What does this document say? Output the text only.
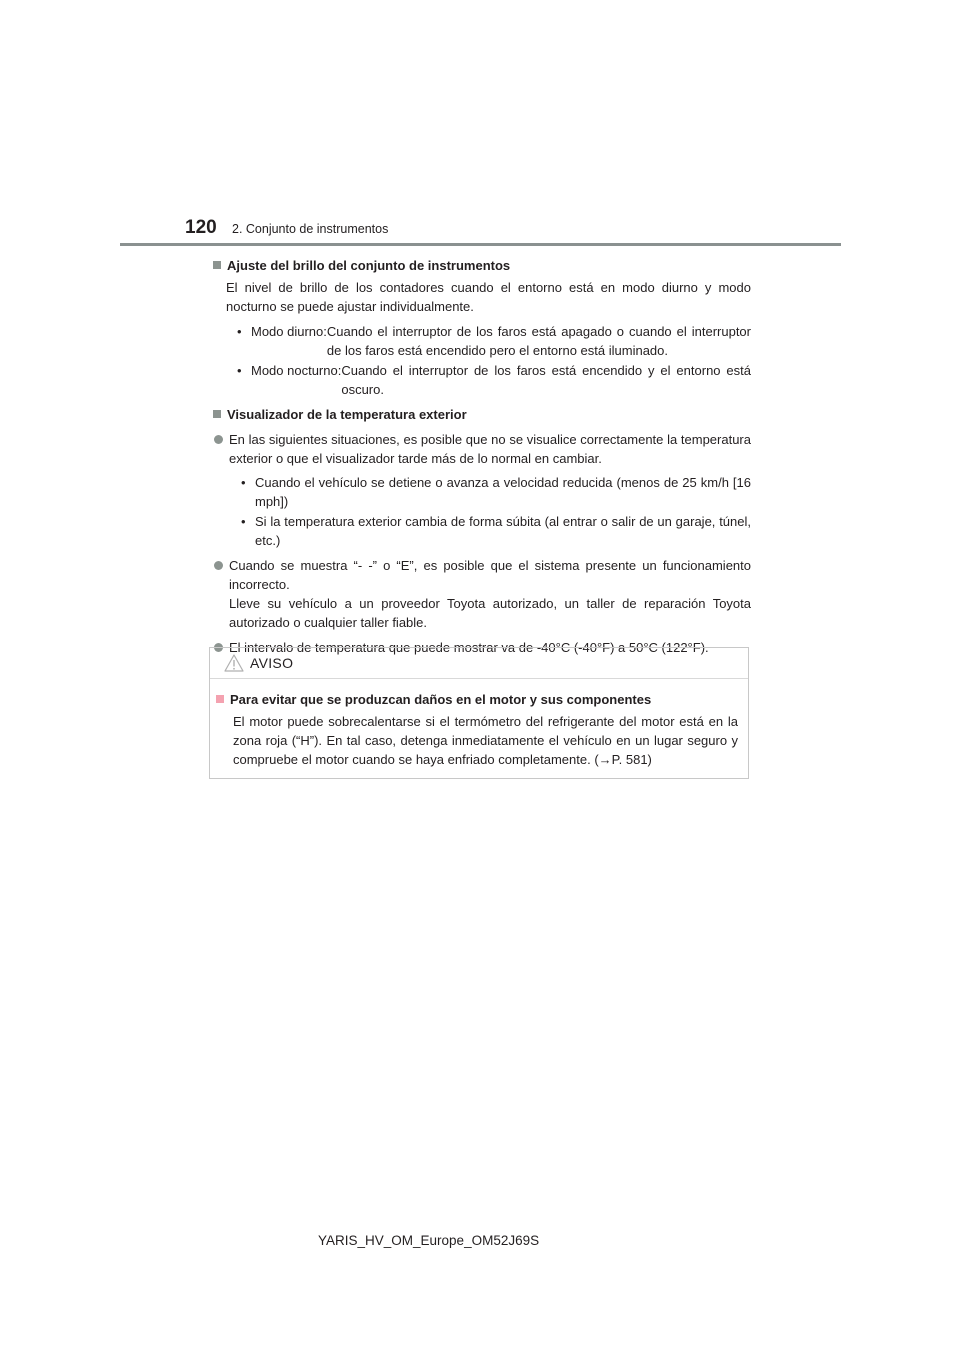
120 2. Conjunto de instrumentos
Ajuste del brillo del conjunto de instrumentos
El nivel de brillo de los contadores cuando el entorno está en modo diurno y modo nocturno se puede ajustar individualmente.
• Modo diurno: Cuando el interruptor de los faros está apagado o cuando el interruptor de los faros está encendido pero el entorno está iluminado.
• Modo nocturno: Cuando el interruptor de los faros está encendido y el entorno está oscuro.
Visualizador de la temperatura exterior
En las siguientes situaciones, es posible que no se visualice correctamente la temperatura exterior o que el visualizador tarde más de lo normal en cambiar.
• Cuando el vehículo se detiene o avanza a velocidad reducida (menos de 25 km/h [16 mph])
• Si la temperatura exterior cambia de forma súbita (al entrar o salir de un garaje, túnel, etc.)
Cuando se muestra “- -” o “E”, es posible que el sistema presente un funcionamiento incorrecto.
Lleve su vehículo a un proveedor Toyota autorizado, un taller de reparación Toyota autorizado o cualquier taller fiable.
El intervalo de temperatura que puede mostrar va de -40°C (-40°F) a 50°C (122°F).
AVISO
Para evitar que se produzcan daños en el motor y sus componentes
El motor puede sobrecalentarse si el termómetro del refrigerante del motor está en la zona roja (“H”). En tal caso, detenga inmediatamente el vehículo en un lugar seguro y compruebe el motor cuando se haya enfriado completamente. (→P. 581)
YARIS_HV_OM_Europe_OM52J69S
